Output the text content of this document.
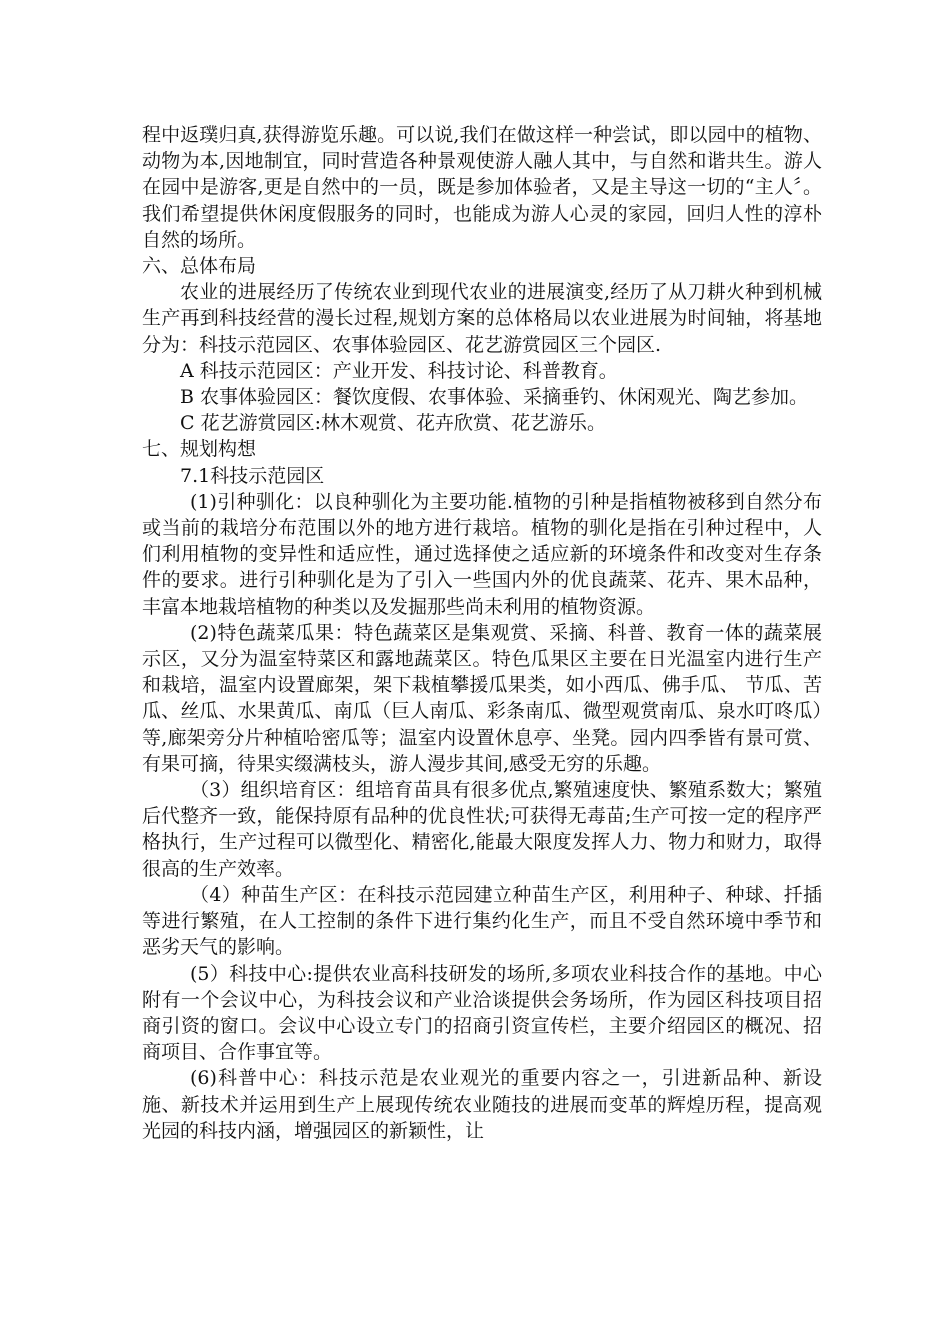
程中返璞归真,获得游览乐趣。可以说,我们在做这样一种尝试，即以园中的植物、动物为本,因地制宜，同时营造各种景观使游人融人其中，与自然和谐共生。游人在园中是游客,更是自然中的一员，既是参加体验者，又是主导这一切的“主人〞。我们希望提供休闲度假服务的同时，也能成为游人心灵的家园，回归人性的淳朴自然的场所。

六、总体布局

农业的进展经历了传统农业到现代农业的进展演变,经历了从刀耕火种到机械生产再到科技经营的漫长过程,规划方案的总体格局以农业进展为时间轴，将基地分为：科技示范园区、农事体验园区、花艺游赏园区三个园区.

A 科技示范园区：产业开发、科技讨论、科普教育。

B 农事体验园区：餐饮度假、农事体验、采摘垂钓、休闲观光、陶艺参加。

C 花艺游赏园区:林木观赏、花卉欣赏、花艺游乐。

七、规划构想

7.1科技示范园区

(1)引种驯化：以良种驯化为主要功能.植物的引种是指植物被移到自然分布或当前的栽培分布范围以外的地方进行栽培。植物的驯化是指在引种过程中，人们利用植物的变异性和适应性，通过选择使之适应新的环境条件和改变对生存条件的要求。进行引种驯化是为了引入一些国内外的优良蔬菜、花卉、果木品种，丰富本地栽培植物的种类以及发掘那些尚未利用的植物资源。

(2)特色蔬菜瓜果：特色蔬菜区是集观赏、采摘、科普、教育一体的蔬菜展示区，又分为温室特菜区和露地蔬菜区。特色瓜果区主要在日光温室内进行生产和栽培，温室内设置廊架，架下栽植攀援瓜果类，如小西瓜、佛手瓜、 节瓜、苦瓜、丝瓜、水果黄瓜、南瓜（巨人南瓜、彩条南瓜、微型观赏南瓜、泉水叮咚瓜）等,廊架旁分片种植哈密瓜等；温室内设置休息亭、坐凳。园内四季皆有景可赏、有果可摘，待果实缀满枝头，游人漫步其间,感受无穷的乐趣。

（3）组织培育区：组培育苗具有很多优点,繁殖速度快、繁殖系数大；繁殖后代整齐一致，能保持原有品种的优良性状;可获得无毒苗;生产可按一定的程序严格执行，生产过程可以微型化、精密化,能最大限度发挥人力、物力和财力，取得很高的生产效率。

（4）种苗生产区：在科技示范园建立种苗生产区，利用种子、种球、扦插等进行繁殖，在人工控制的条件下进行集约化生产，而且不受自然环境中季节和恶劣天气的影响。

(5）科技中心:提供农业高科技研发的场所,多项农业科技合作的基地。中心附有一个会议中心，为科技会议和产业洽谈提供会务场所，作为园区科技项目招商引资的窗口。会议中心设立专门的招商引资宣传栏，主要介绍园区的概况、招商项目、合作事宜等。

(6)科普中心：科技示范是农业观光的重要内容之一，引进新品种、新设施、新技术并运用到生产上展现传统农业随技的进展而变革的辉煌历程，提高观光园的科技内涵，增强园区的新颖性，让
